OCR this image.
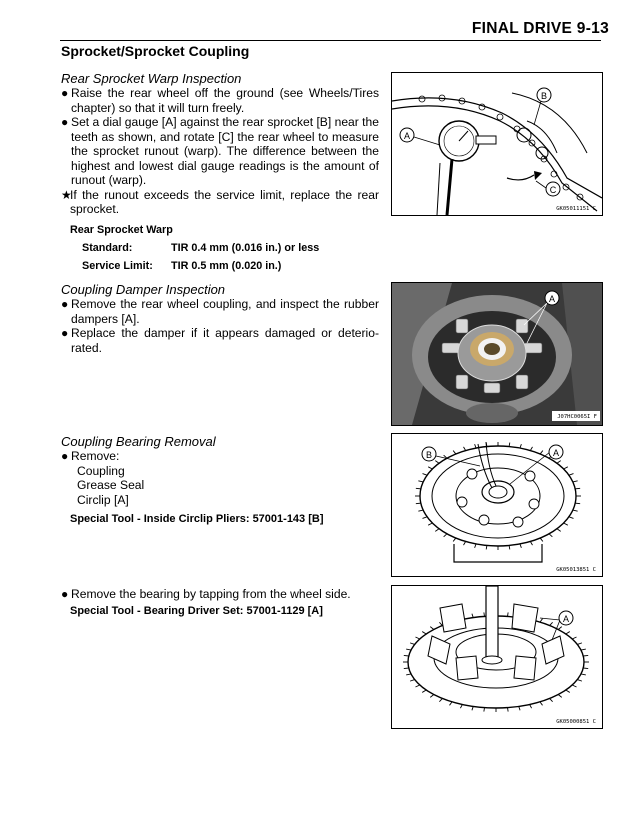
FINAL DRIVE 9-13
Sprocket/Sprocket Coupling
Rear Sprocket Warp Inspection

● Raise the rear wheel off the ground (see Wheels/Tires chapter) so that it will turn freely.

● Set a dial gauge [A] against the rear sprocket [B] near the teeth as shown, and rotate [C] the rear wheel to measure the sprocket runout (warp). The difference between the highest and lowest dial gauge readings is the amount of runout (warp).

★
If the runout exceeds the service limit, replace the rear sprocket.

Rear Sprocket Warp
Standard:	TIR 0.4 mm (0.016 in.) or less
Service Limit: TIR 0.5 mm (0.020 in.)
A
B
C
GK05011151 C
Coupling Damper Inspection

● Remove the rear wheel coupling, and inspect the rubber dampers [A].

● Replace the damper if it appears damaged or deterio-rated.

A
J07HC0065I F
Coupling Bearing Removal

● Remove:

Coupling
Grease Seal
Circlip [A]
Special Tool - Inside Circlip Pliers: 57001-143 [B]
B	A
GK05013851 C

● Remove the bearing by tapping from the wheel side.

Special Tool - Bearing Driver Set: 57001-1129 [A]
A
GK05000851 C
